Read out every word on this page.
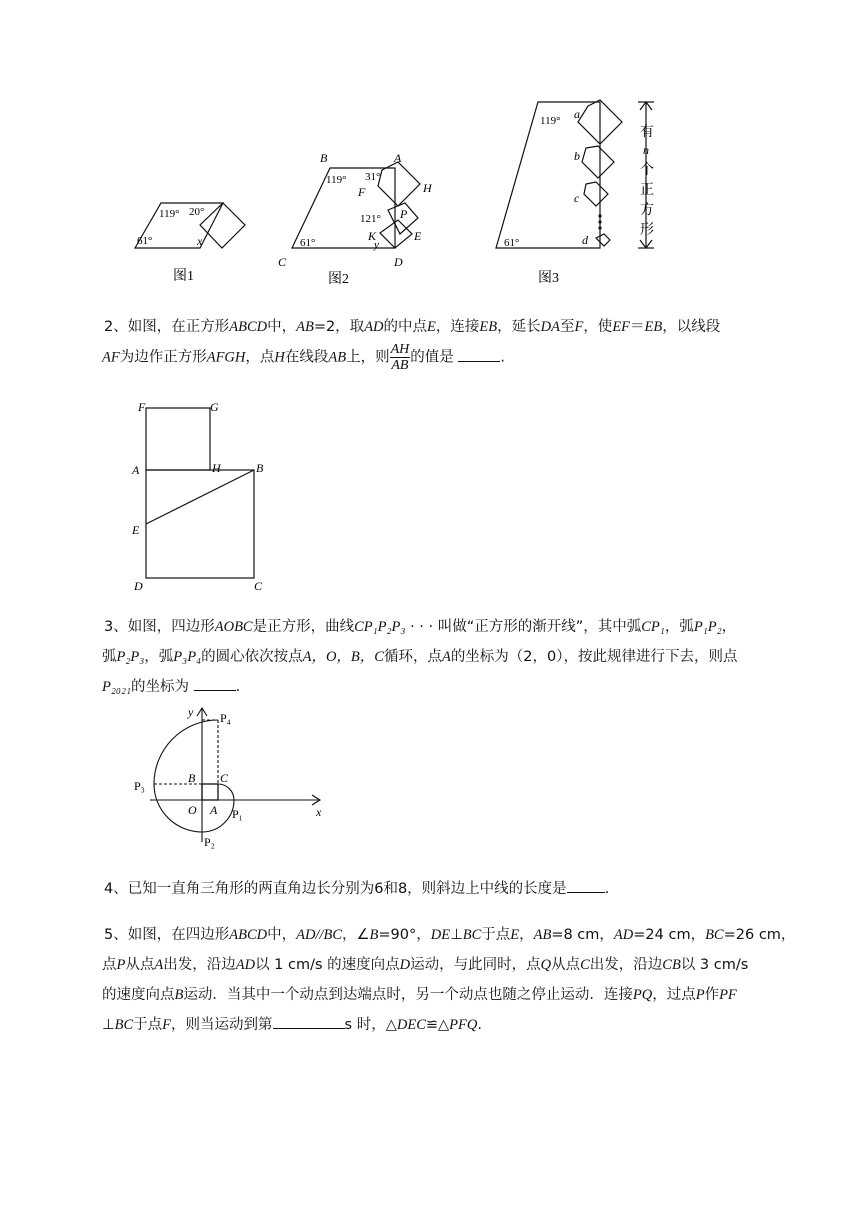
61°
119° 20°
x
图1
B	A
119° 31°
F	H
121° P
K	E
y
61°
C	D
图2
119° a
b
c
d
61°
有
n
个
正
方
形
图3
2、如图，在正方形ABCD中，AB=2，取AD的中点E，连接EB，延长DA至F，使EF＝EB，以线段
AF为边作正方形AFGH，点H在线段AB上，则 $\frac{AH}{AB}$ 的值是	.
F	G
A	H	B
E
D	C
3、如图，四边形AOBC是正方形，曲线CP₁P₂P₃ · · · 叫做“正方形的渐开线”，其中弧CP₁，弧P₁P₂，
弧P₂P₃，弧P₃P₄的圆心依次按点A，O，B，C循环，点A的坐标为（2，0），按此规律进行下去，则点
P₂₀₂₁的坐标为	.
y
x
P₄
P₃
P₂
P₁
B C
O A
4、已知一直角三角形的两直角边长分别为6和8，则斜边上中线的长度是	.
5、如图，在四边形ABCD中，AD//BC，∠B=90°，DE⊥BC于点E，AB=8 cm，AD=24 cm，BC=26 cm，
点P从点A出发，沿边AD以 1 cm/s 的速度向点D运动，与此同时，点Q从点C出发，沿边CB以 3 cm/s
的速度向点B运动．当其中一个动点到达端点时，另一个动点也随之停止运动．连接PQ，过点P作PF
⊥BC于点F，则当运动到第	s 时，△DEC≌△PFQ.
